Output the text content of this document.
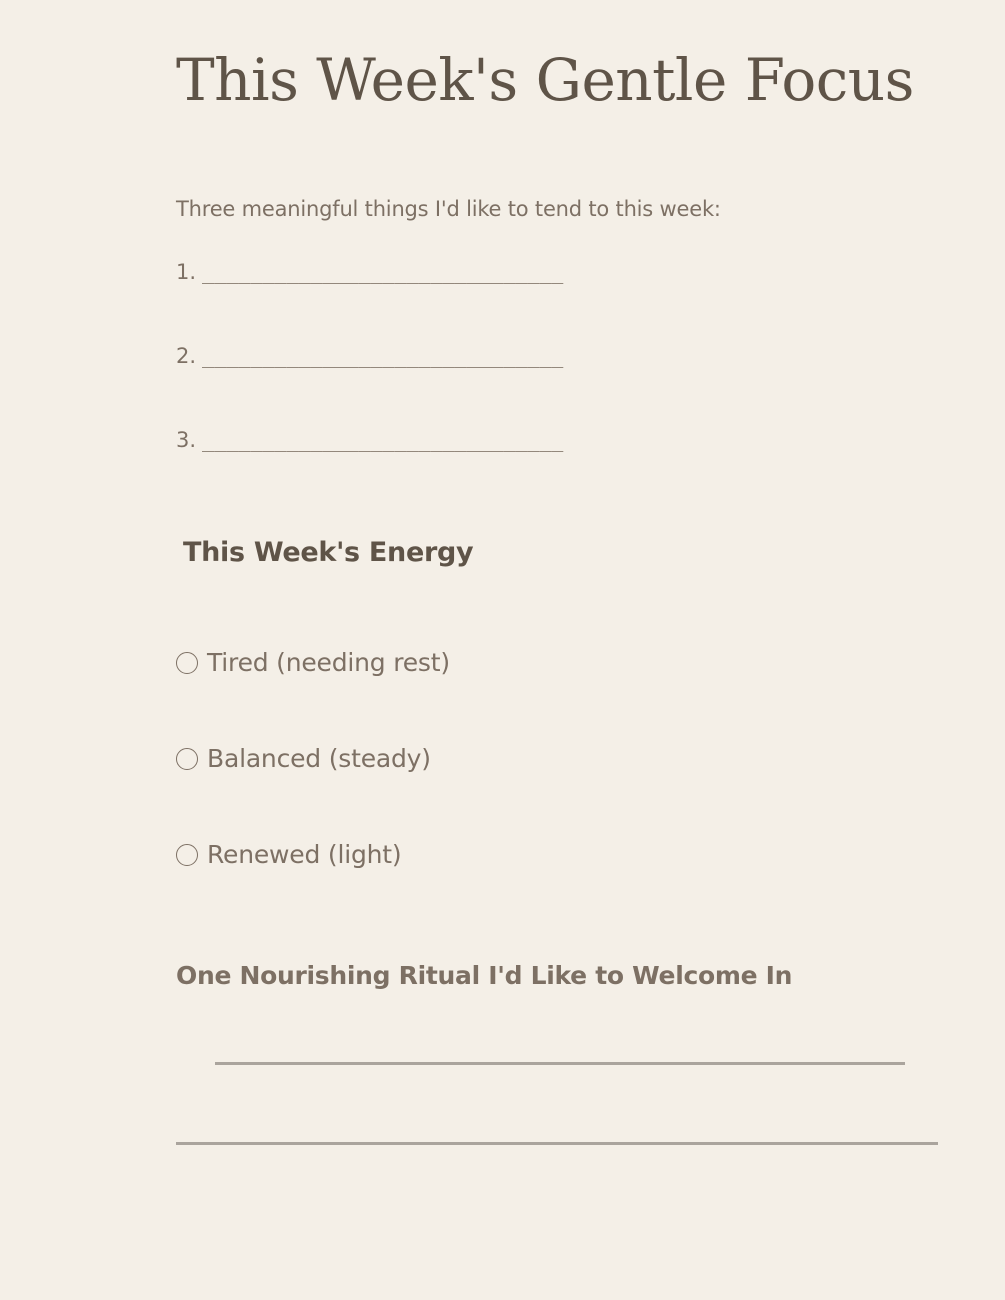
This Week's Gentle Focus

Three meaningful things I'd like to tend to this week:

1. ______________________________
2. ______________________________
3. ______________________________
This Week's Energy
Tired (needing rest)
Balanced (steady)
Renewed (light)
One Nourishing Ritual I'd Like to Welcome In
